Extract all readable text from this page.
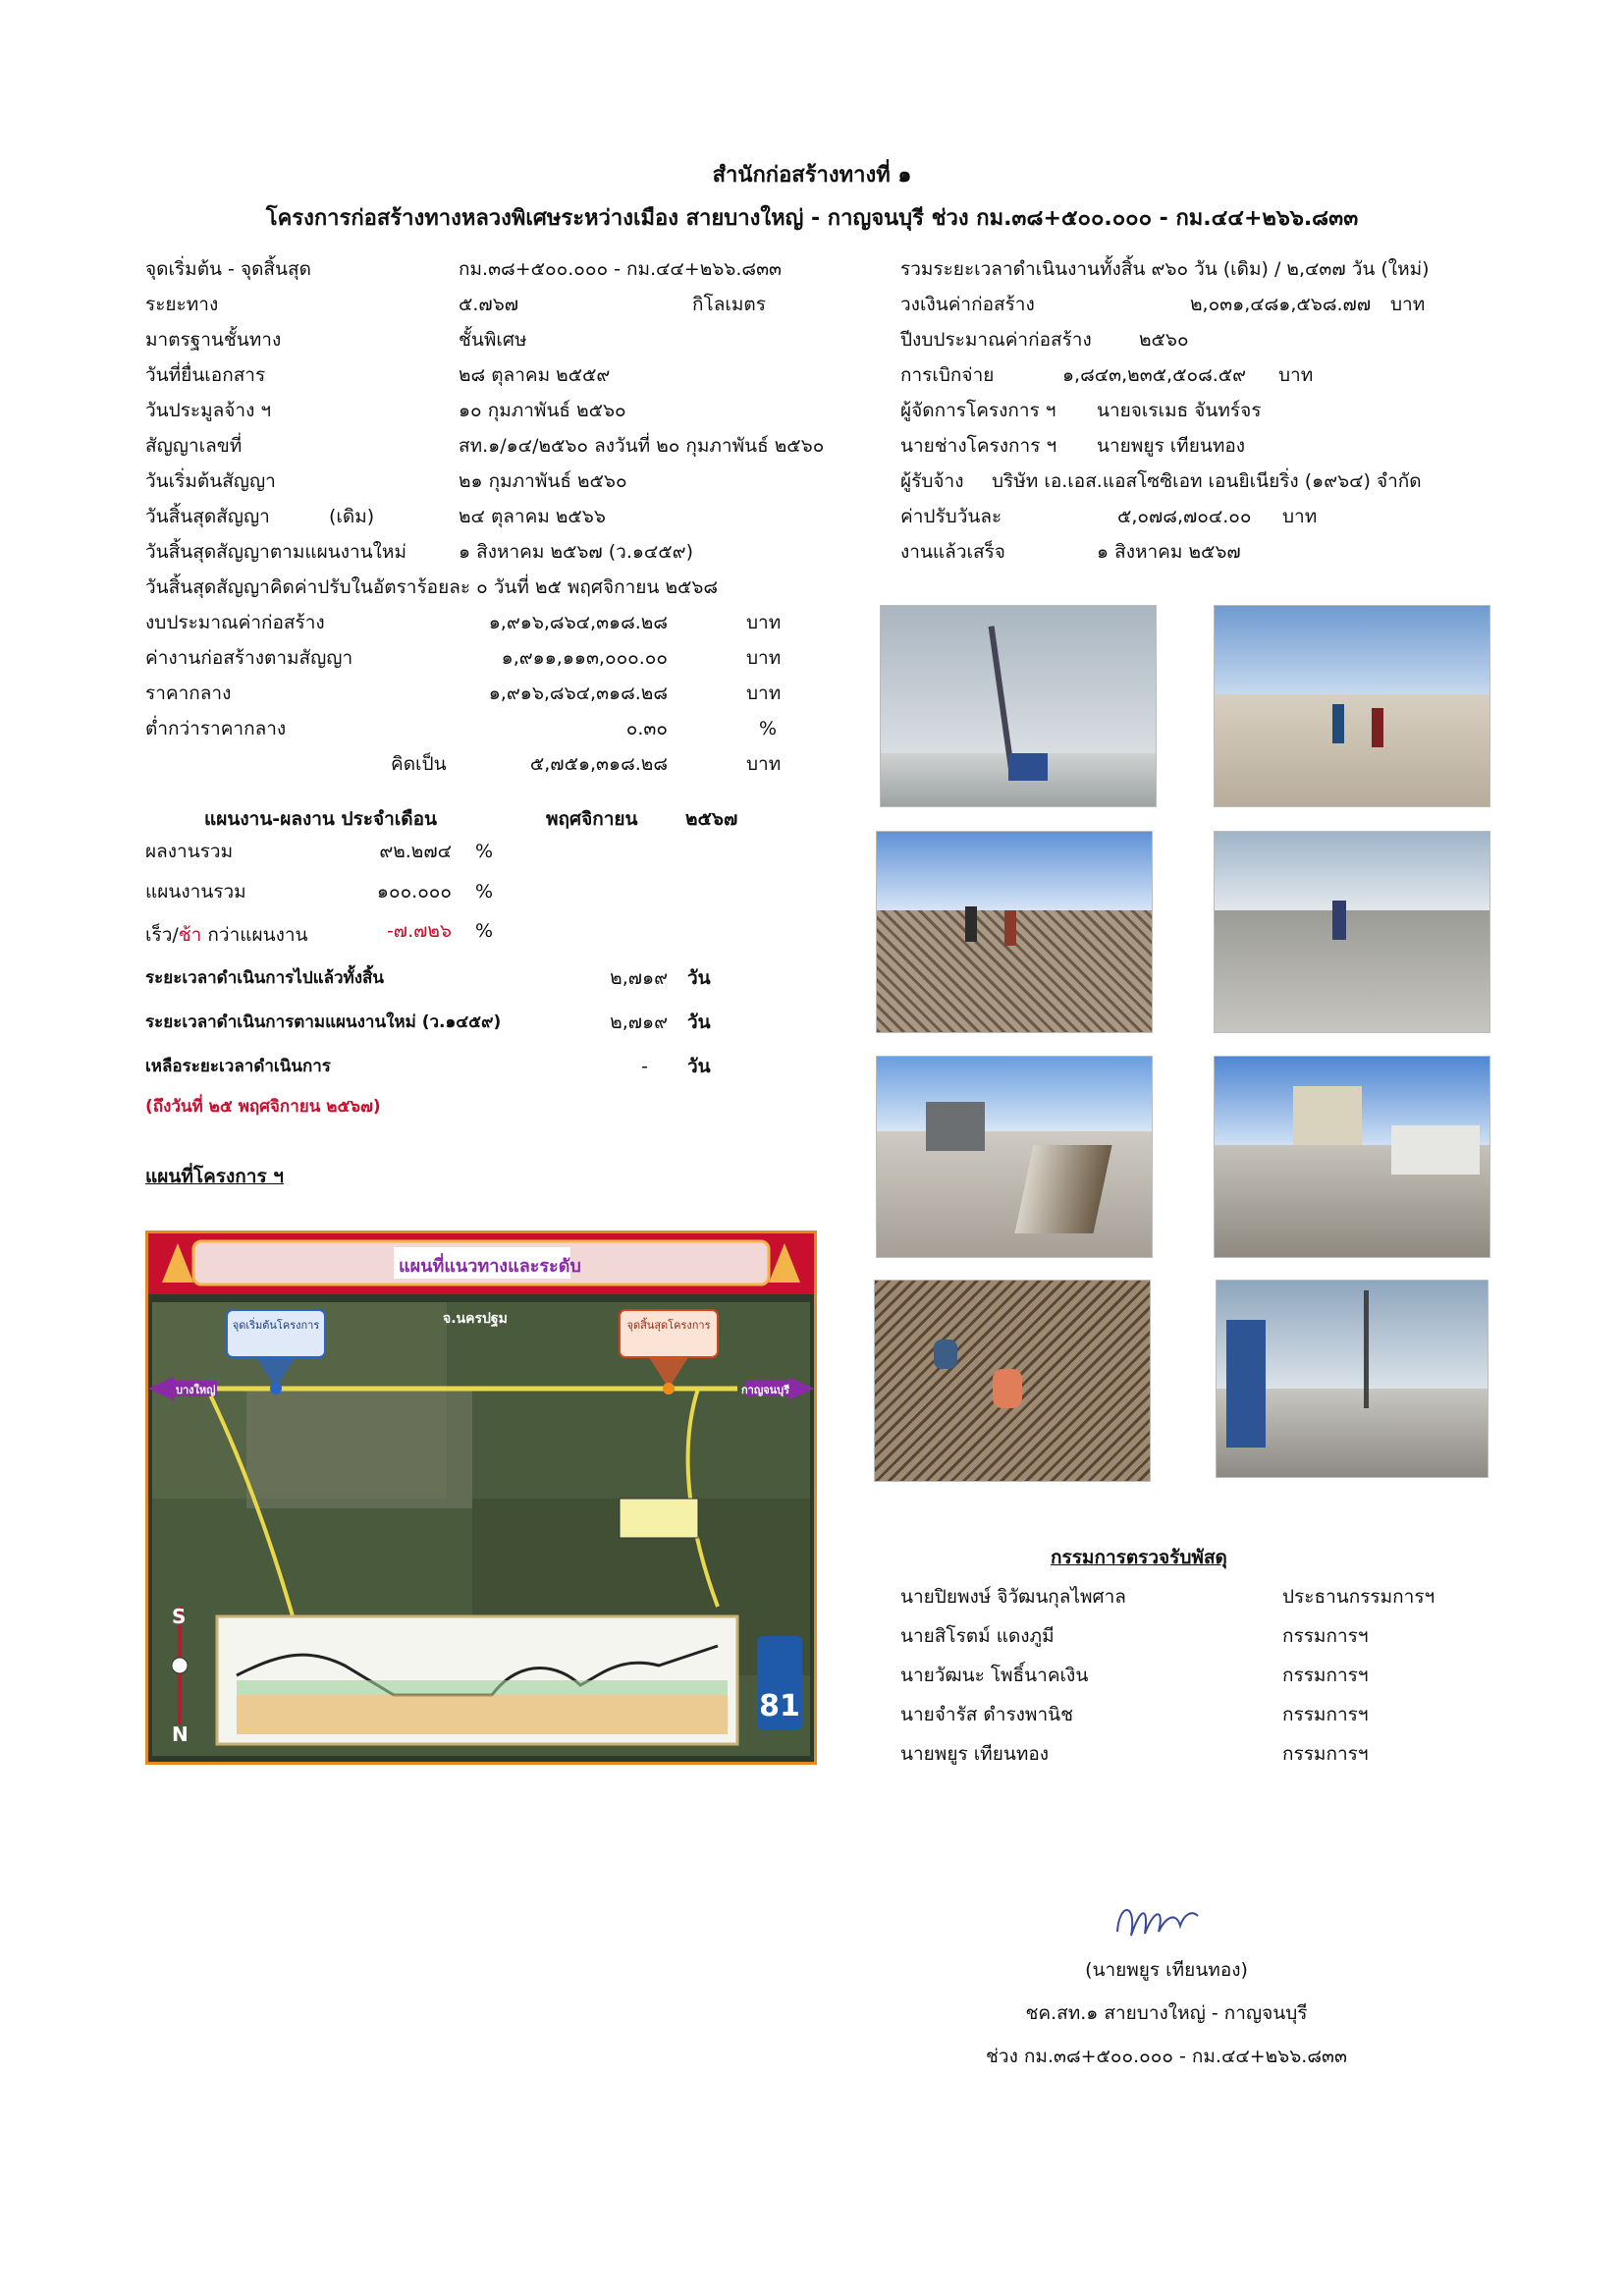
สำนักก่อสร้างทางที่ ๑
โครงการก่อสร้างทางหลวงพิเศษระหว่างเมือง สายบางใหญ่ - กาญจนบุรี ช่วง กม.๓๘+๕๐๐.๐๐๐ - กม.๔๔+๒๖๖.๘๓๓
จุดเริ่มต้น - จุดสิ้นสุด	กม.๓๘+๕๐๐.๐๐๐ - กม.๔๔+๒๖๖.๘๓๓
ระยะทาง	๕.๗๖๗	กิโลเมตร
มาตรฐานชั้นทาง	ชั้นพิเศษ
วันที่ยื่นเอกสาร	๒๘ ตุลาคม ๒๕๕๙
วันประมูลจ้าง ฯ	๑๐ กุมภาพันธ์ ๒๕๖๐
สัญญาเลขที่	สท.๑/๑๔/๒๕๖๐ ลงวันที่ ๒๐ กุมภาพันธ์ ๒๕๖๐
วันเริ่มต้นสัญญา	๒๑ กุมภาพันธ์ ๒๕๖๐
วันสิ้นสุดสัญญา	(เดิม)	๒๔ ตุลาคม ๒๕๖๖
วันสิ้นสุดสัญญาตามแผนงานใหม่	๑ สิงหาคม ๒๕๖๗ (ว.๑๔๕๙)
วันสิ้นสุดสัญญาคิดค่าปรับในอัตราร้อยละ ๐ วันที่ ๒๕ พฤศจิกายน ๒๕๖๘
งบประมาณค่าก่อสร้าง	๑,๙๑๖,๘๖๔,๓๑๘.๒๘	บาท
ค่างานก่อสร้างตามสัญญา	๑,๙๑๑,๑๑๓,๐๐๐.๐๐	บาท
ราคากลาง	๑,๙๑๖,๘๖๔,๓๑๘.๒๘	บาท
ต่ำกว่าราคากลาง	๐.๓๐	%
คิดเป็น	๕,๗๕๑,๓๑๘.๒๘	บาท
รวมระยะเวลาดำเนินงานทั้งสิ้น ๙๖๐ วัน (เดิม) / ๒,๔๓๗ วัน (ใหม่)
วงเงินค่าก่อสร้าง	๒,๐๓๑,๔๘๑,๕๖๘.๗๗ บาท
ปีงบประมาณค่าก่อสร้าง	๒๕๖๐
การเบิกจ่าย	๑,๘๔๓,๒๓๕,๕๐๘.๕๙ บาท
ผู้จัดการโครงการ ฯ นายจเรเมธ จันทร์จร
นายช่างโครงการ ฯ นายพยูร เทียนทอง
ผู้รับจ้าง บริษัท เอ.เอส.แอสโซซิเอท เอนยิเนียริ่ง (๑๙๖๔) จำกัด
ค่าปรับวันละ	๕,๐๗๘,๗๐๔.๐๐ บาท
งานแล้วเสร็จ	๑ สิงหาคม ๒๕๖๗
แผนงาน-ผลงาน ประจำเดือน	พฤศจิกายน	๒๕๖๗
ผลงานรวม	๙๒.๒๗๔ %
แผนงานรวม	๑๐๐.๐๐๐ %
เร็ว/ช้า กว่าแผนงาน	-๗.๗๒๖ %
ระยะเวลาดำเนินการไปแล้วทั้งสิ้น	๒,๗๑๙ วัน
ระยะเวลาดำเนินการตามแผนงานใหม่ (ว.๑๔๕๙)	๒,๗๑๙ วัน
เหลือระยะเวลาดำเนินการ	- วัน
(ถึงวันที่ ๒๕ พฤศจิกายน ๒๕๖๗)
แผนที่โครงการ ฯ
แผนที่แนวทางและระดับ
จ.นครปฐม
จุดเริ่มต้นโครงการ	จุดสิ้นสุดโครงการ
บางใหญ่	กาญจนบุรี
S
N
81
กรรมการตรวจรับพัสดุ
นายปิยพงษ์ จิวัฒนกุลไพศาล	ประธานกรรมการฯ
นายสิโรตม์ แดงภูมี	กรรมการฯ
นายวัฒนะ โพธิ์นาคเงิน	กรรมการฯ
นายจำรัส ดำรงพานิช	กรรมการฯ
นายพยูร เทียนทอง	กรรมการฯ
(นายพยูร เทียนทอง)
ชค.สท.๑ สายบางใหญ่ - กาญจนบุรี
ช่วง กม.๓๘+๕๐๐.๐๐๐ - กม.๔๔+๒๖๖.๘๓๓
